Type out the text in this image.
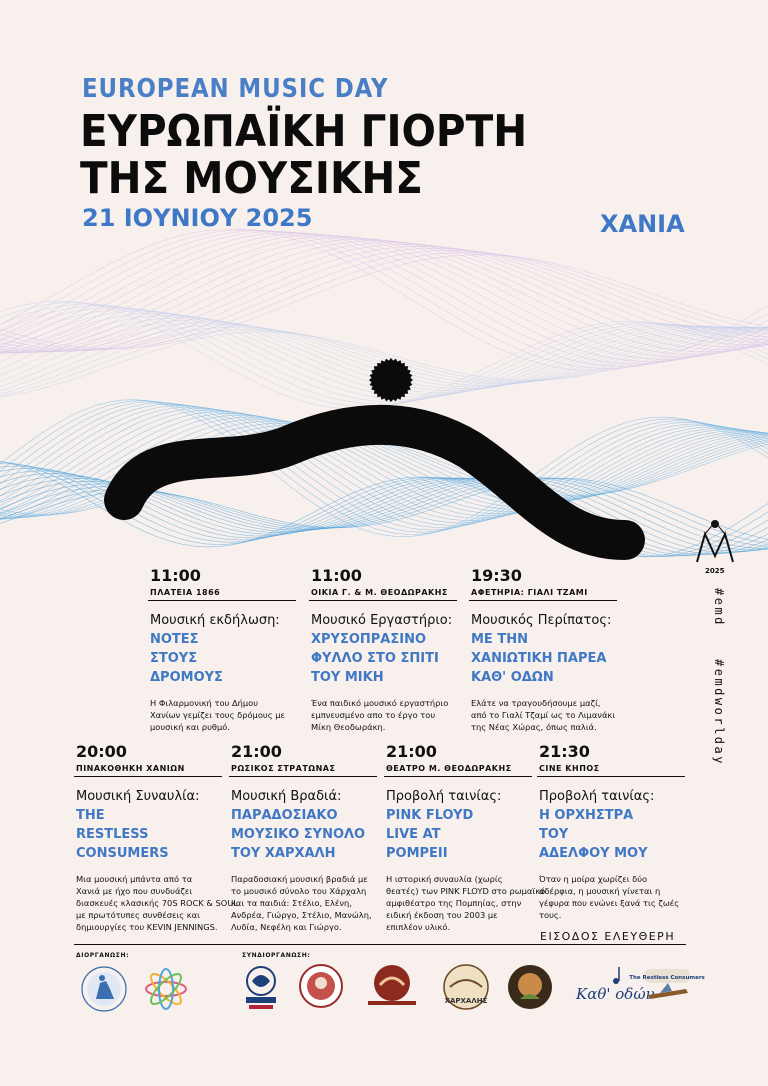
EUROPEAN MUSIC DAY
ΕΥΡΩΠΑΪΚΗ ΓΙΟΡΤΗ
ΤΗΣ ΜΟΥΣΙΚΗΣ
21 ΙΟΥΝΙΟΥ 2025	ΧΑΝΙΑ
2025
#emd #emdworlday
11:00
ΠΛΑΤΕΙΑ 1866
Μουσική εκδήλωση:
ΝΟΤΕΣ
ΣΤΟΥΣ
ΔΡΟΜΟΥΣ
Η Φιλαρμονική του Δήμου
Χανίων γεμίζει τους δρόμους με
μουσική και ρυθμό.
11:00
ΟΙΚΙΑ Γ. & Μ. ΘΕΟΔΩΡΑΚΗΣ
Μουσικό Εργαστήριο:
ΧΡΥΣΟΠΡΑΣΙΝΟ
ΦΥΛΛΟ ΣΤΟ ΣΠΙΤΙ
ΤΟΥ ΜΙΚΗ
Ένα παιδικό μουσικό εργαστήριο
εμπνευσμένο απο το έργο του
Μίκη Θεοδωράκη.
19:30
ΑΦΕΤΗΡΙΑ: ΓΙΑΛΙ ΤΖΑΜΙ
Μουσικός Περίπατος:
ΜΕ ΤΗΝ
ΧΑΝΙΩΤΙΚΗ ΠΑΡΕΑ
ΚΑΘ' ΟΔΩΝ
Ελάτε να τραγουδήσουμε μαζί,
από το Γιαλί Τζαμί ως το Λιμανάκι
της Νέας Χώρας, όπως παλιά.
20:00
ΠΙΝΑΚΟΘΗΚΗ ΧΑΝΙΩΝ
Μουσική Συναυλία:
THE
RESTLESS
CONSUMERS
Μια μουσική μπάντα από τα
Χανιά με ήχο που συνδυάζει
διασκευές κλασικής 70S ROCK & SOUL
με πρωτότυπες συνθέσεις και
δημιουργίες του KEVIN JENNINGS.
21:00
ΡΩΣΙΚΟΣ ΣΤΡΑΤΩΝΑΣ
Μουσική Βραδιά:
ΠΑΡΑΔΟΣΙΑΚΟ
ΜΟΥΣΙΚΟ ΣΥΝΟΛΟ
ΤΟΥ ΧΑΡΧΑΛΗ
Παραδοσιακή μουσική βραδιά με
το μουσικό σύνολο του Χάρχαλη
και τα παιδιά: Στέλιο, Ελένη,
Ανδρέα, Γιώργο, Στέλιο, Μανώλη,
Λυδία, Νεφέλη και Γιώργο.
21:00
ΘΕΑΤΡΟ Μ. ΘΕΟΔΩΡΑΚΗΣ
Προβολή ταινίας:
PINK FLOYD
LIVE AT
POMPEII
Η ιστορική συναυλία (χωρίς
θεατές) των PINK FLOYD στο ρωμαϊκό
αμφιθέατρο της Πομπηίας, στην
ειδική έκδοση του 2003 με
επιπλέον υλικό.
21:30
CINE ΚΗΠΟΣ
Προβολή ταινίας:
Η ΟΡΧΗΣΤΡΑ
ΤΟΥ
ΑΔΕΛΦΟΥ ΜΟΥ
Όταν η μοίρα χωρίζει δύο
αδέρφια, η μουσική γίνεται η
γέφυρα που ενώνει ξανά τις ζωές
τους.
ΕΙΣΟΔΟΣ ΕΛΕΥΘΕΡΗ
ΔΙΟΡΓΑΝΩΣΗ:	ΣΥΝΔΙΟΡΓΑΝΩΣΗ:
ΧΑΡΧΑΛΗΣ	Καθ' οδών
The Restless Consumers
